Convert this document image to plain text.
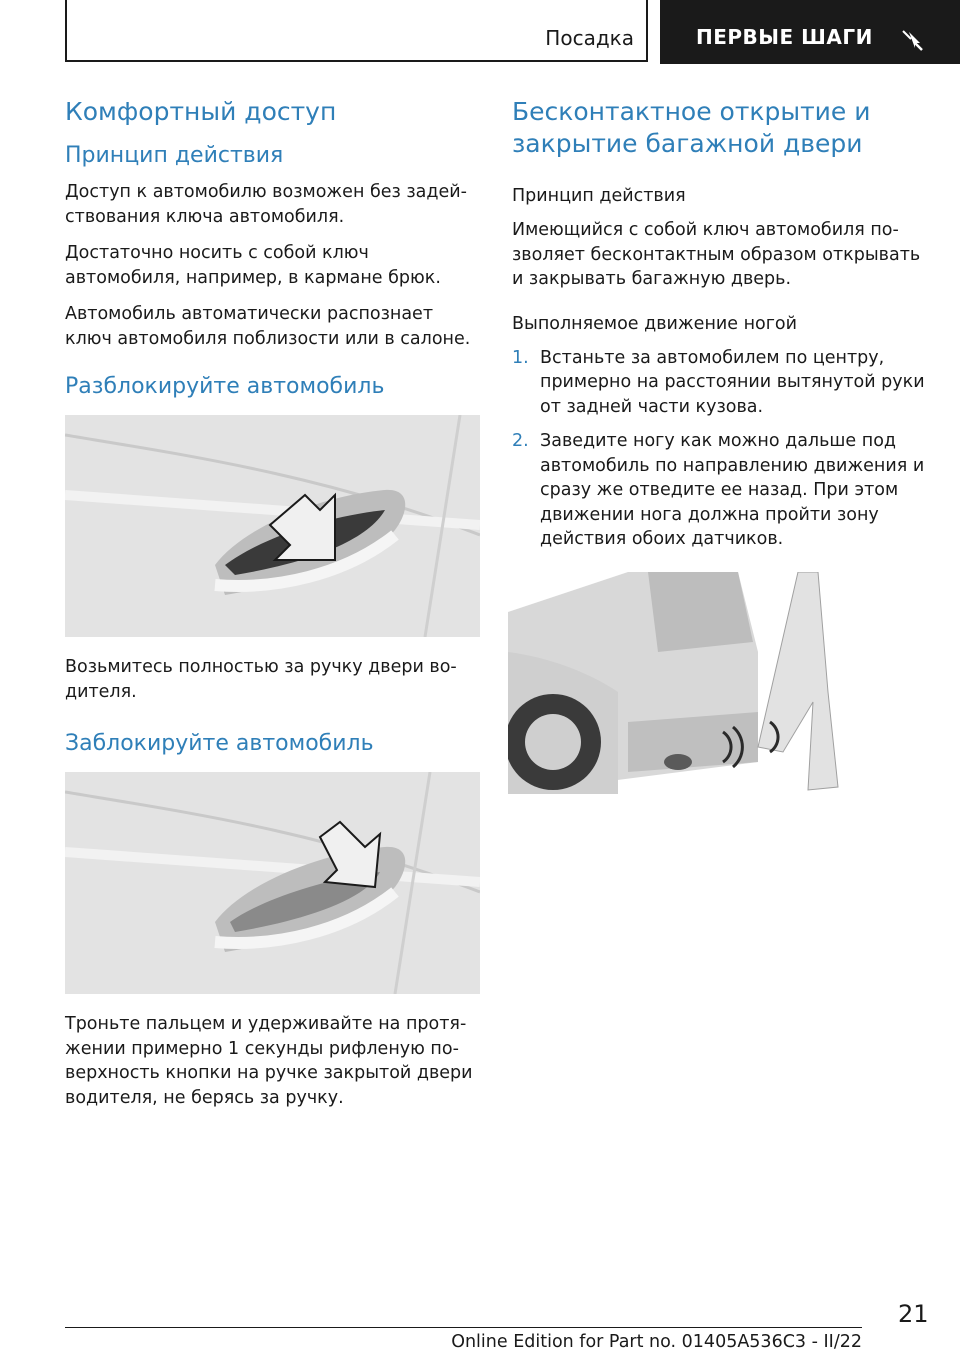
Посадка	ПЕРВЫЕ ШАГИ
Комфортный доступ
Принцип действия

Доступ к автомобилю возможен без задей-ствования ключа автомобиля.

Достаточно носить с собой ключ автомобиля, например, в кармане брюк.

Автомобиль автоматически распознает ключ автомобиля поблизости или в салоне.

Разблокируйте автомобиль

Возьмитесь полностью за ручку двери во-дителя.

Заблокируйте автомобиль

Троньте пальцем и удерживайте на протя-жении примерно 1 секунды рифленую по-верхность кнопки на ручке закрытой двери водителя, не берясь за ручку.

Бесконтактное открытие и закрытие багажной двери
Принцип действия

Имеющийся с собой ключ автомобиля по-зволяет бесконтактным образом открывать и закрывать багажную дверь.

Выполняемое движение ногой
1. Встаньте за автомобилем по центру, примерно на расстоянии вытянутой руки от задней части кузова.
2. Заведите ногу как можно дальше под автомобиль по направлению движения и сразу же отведите ее назад. При этом движении нога должна пройти зону действия обоих датчиков.
21
Online Edition for Part no. 01405A536C3 - II/22
